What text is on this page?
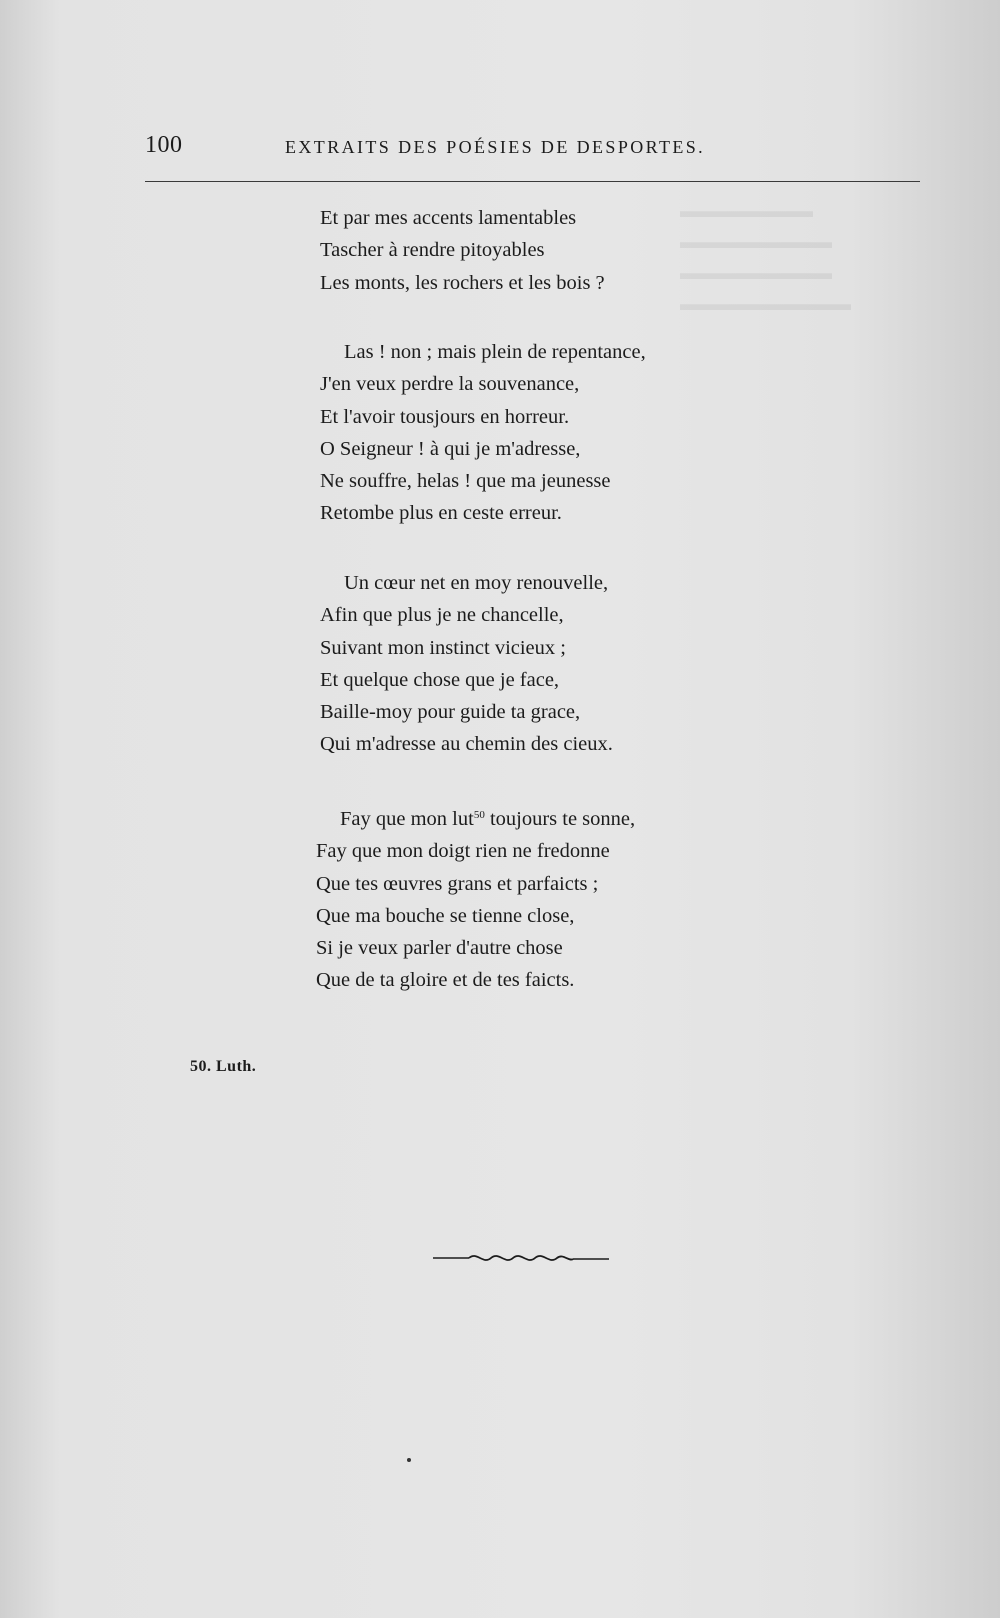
▬▬▬▬▬▬▬
▬▬▬▬▬▬▬▬
▬▬▬▬▬▬▬▬
▬▬▬▬▬▬▬▬▬
100	EXTRAITS DES POÉSIES DE DESPORTES.
Et par mes accents lamentables
Tascher à rendre pitoyables
Les monts, les rochers et les bois ?
Las ! non ; mais plein de repentance,
J'en veux perdre la souvenance,
Et l'avoir tousjours en horreur.
O Seigneur ! à qui je m'adresse,
Ne souffre, helas ! que ma jeunesse
Retombe plus en ceste erreur.
Un cœur net en moy renouvelle,
Afin que plus je ne chancelle,
Suivant mon instinct vicieux ;
Et quelque chose que je face,
Baille-moy pour guide ta grace,
Qui m'adresse au chemin des cieux.
Fay que mon lut$^{50}$ toujours te sonne,
Fay que mon doigt rien ne fredonne
Que tes œuvres grans et parfaicts ;
Que ma bouche se tienne close,
Si je veux parler d'autre chose
Que de ta gloire et de tes faicts.
50. Luth.
